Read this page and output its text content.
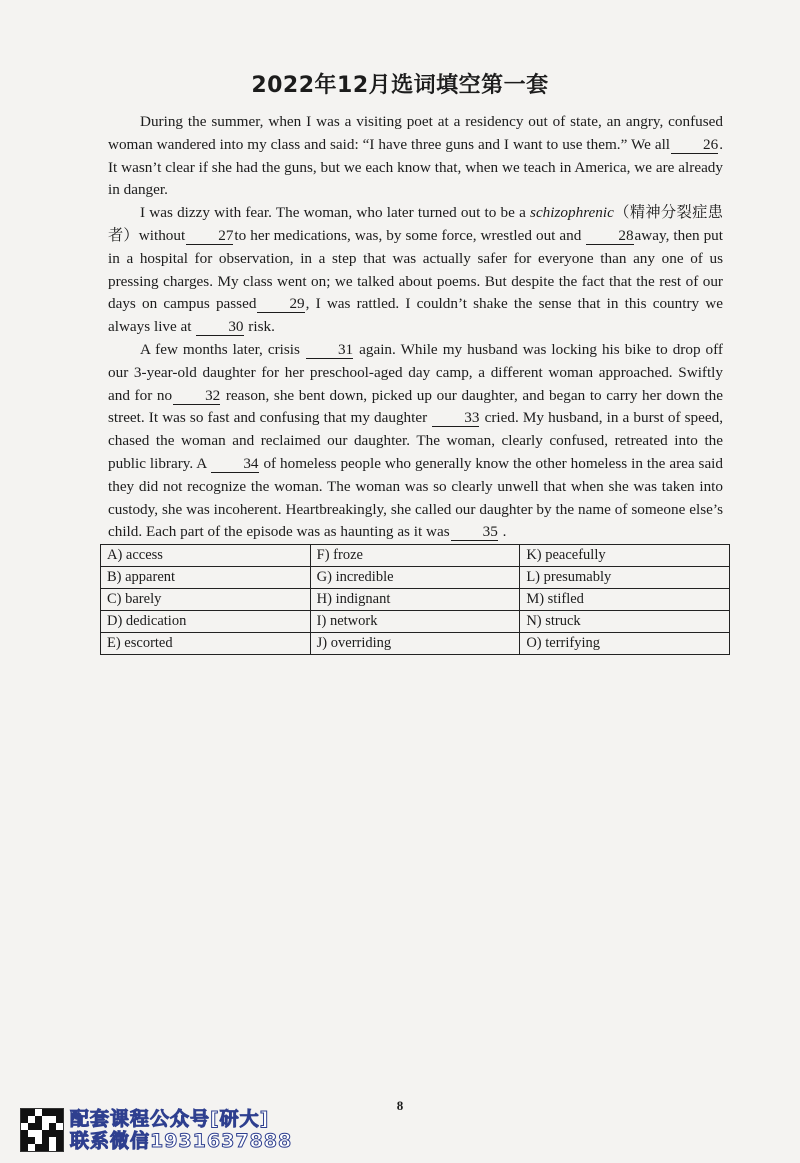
2022年12月选词填空第一套

During the summer, when I was a visiting poet at a residency out of state, an angry, confused woman wandered into my class and said: “I have three guns and I want to use them.” We all 26. It wasn’t clear if she had the guns, but we each know that, when we teach in America, we are already in danger.

I was dizzy with fear. The woman, who later turned out to be a schizophrenic（精神分裂症患者）without 27to her medications, was, by some force, wrestled out and 28away, then put in a hospital for observation, in a step that was actually safer for everyone than any one of us pressing charges. My class went on; we talked about poems. But despite the fact that the rest of our days on campus passed 29, I was rattled. I couldn’t shake the sense that in this country we always live at 30 risk.

A few months later, crisis 31 again. While my husband was locking his bike to drop off our 3-year-old daughter for her preschool-aged day camp, a different woman approached. Swiftly and for no 32 reason, she bent down, picked up our daughter, and began to carry her down the street. It was so fast and confusing that my daughter 33 cried. My husband, in a burst of speed, chased the woman and reclaimed our daughter. The woman, clearly confused, retreated into the public library. A 34 of homeless people who generally know the other homeless in the area said they did not recognize the woman. The woman was so clearly unwell that when she was taken into custody, she was incoherent. Heartbreakingly, she called our daughter by the name of someone else’s child. Each part of the episode was as haunting as it was 35 .

A) access	F) froze	K) peacefully
B) apparent	G) incredible	L) presumably
C) barely	H) indignant	M) stifled
D) dedication	I) network	N) struck
E) escorted	J) overriding	O) terrifying
8
配套课程公众号[研大]
联系微信1931637888
